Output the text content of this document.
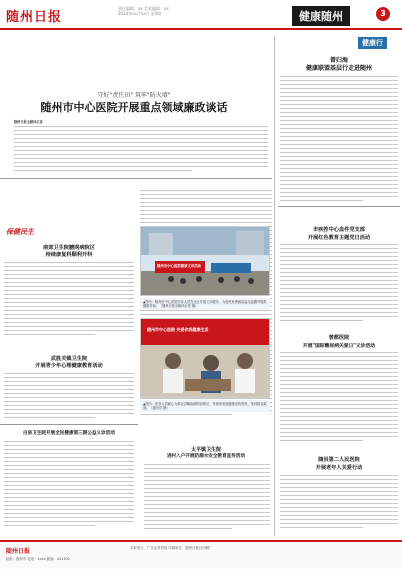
随州日报
责任编辑：xx 美术编辑：xx
2024年xx月xx日 星期x	健康随州	3
守好"责任田" 筑牢"防火墙"
随州市中心医院开展重点领域廉政谈话
随州日报全媒体记者
健康行
曾归海
健康联盟基层行走进随州
保健民生
南郊卫生院糖网病院区
持续康复科顺利开科
武胜关镇卫生院
开展青少年心理健康教育活动
随州市中心医院健康义诊活动
▲图为：随州市中心医院医务人员在社区开展义诊服务，为居民免费测量血压血糖并提供健康咨询。（随州日报全媒体记者 摄）
随州市中心医院 关爱你我健康生活
▲图为：医务人员耐心为群众讲解疾病防治知识，并现场发放健康宣传资料，受到群众欢迎。（通讯员 摄）
白泉卫生院开展全民健康第三期公益义诊活动
太平镇卫生院
进村入户开展防溺水安全教育宣传活动
市疾控中心血件党支部
开展红色教育主题党日活动
曾都医院
开展"国际糖尿病关爱日"义诊活动
随县第二人民医院
开展老年人关爱行动
随州日报
地址：随州市 电话：xxxx 邮编：441300
本报发行、广告业务咨询 印刷单位：随州日报社印刷厂
